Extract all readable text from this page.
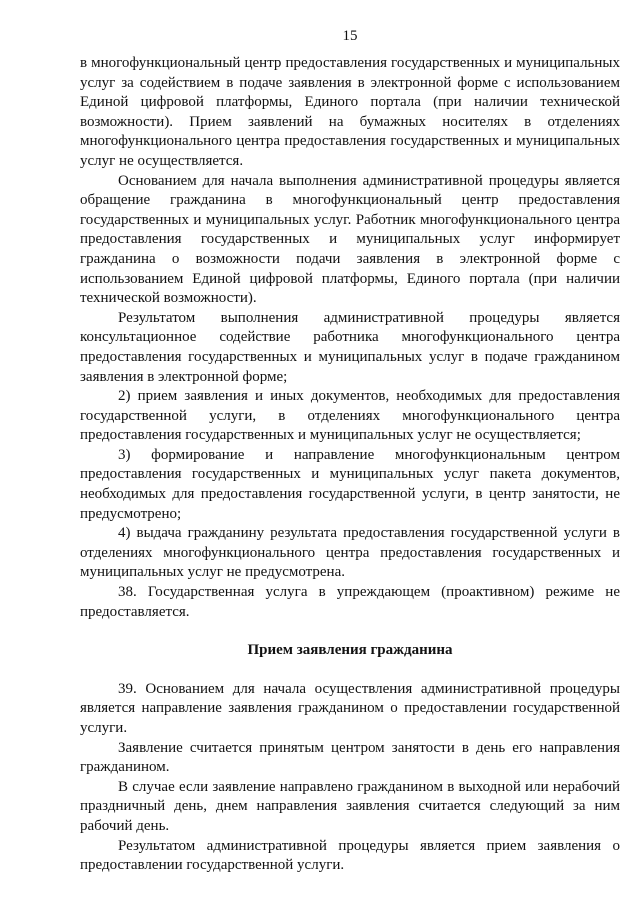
15

в многофункциональный центр предоставления государственных и муниципальных услуг за содействием в подаче заявления в электронной форме с использованием Единой цифровой платформы, Единого портала (при наличии технической возможности). Прием заявлений на бумажных носителях в отделениях многофункционального центра предоставления государственных и муниципальных услуг не осуществляется.

Основанием для начала выполнения административной процедуры является обращение гражданина в многофункциональный центр предоставления государственных и муниципальных услуг. Работник многофункционального центра предоставления государственных и муниципальных услуг информирует гражданина о возможности подачи заявления в электронной форме с использованием Единой цифровой платформы, Единого портала (при наличии технической возможности).

Результатом выполнения административной процедуры является консультационное содействие работника многофункционального центра предоставления государственных и муниципальных услуг в подаче гражданином заявления в электронной форме;

2) прием заявления и иных документов, необходимых для предоставления государственной услуги, в отделениях многофункционального центра предоставления государственных и муниципальных услуг не осуществляется;

3) формирование и направление многофункциональным центром предоставления государственных и муниципальных услуг пакета документов, необходимых для предоставления государственной услуги, в центр занятости, не предусмотрено;

4) выдача гражданину результата предоставления государственной услуги в отделениях многофункционального центра предоставления государственных и муниципальных услуг не предусмотрена.

38. Государственная услуга в упреждающем (проактивном) режиме не предоставляется.

Прием заявления гражданина

39. Основанием для начала осуществления административной процедуры является направление заявления гражданином о предоставлении государственной услуги.

Заявление считается принятым центром занятости в день его направления гражданином.

В случае если заявление направлено гражданином в выходной или нерабочий праздничный день, днем направления заявления считается следующий за ним рабочий день.

Результатом административной процедуры является прием заявления о предоставлении государственной услуги.
